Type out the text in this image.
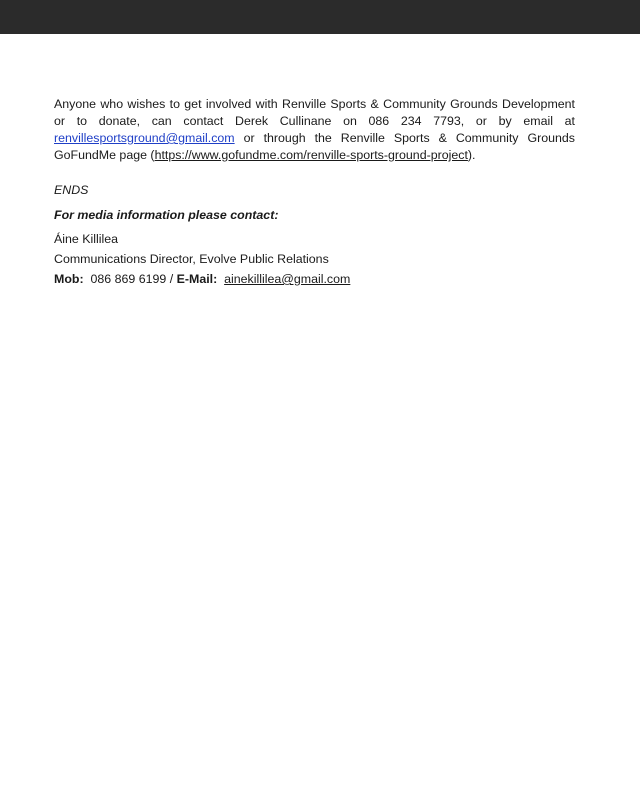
Anyone who wishes to get involved with Renville Sports & Community Grounds Development or to donate, can contact Derek Cullinane on 086 234 7793, or by email at renvillesportsground@gmail.com or through the Renville Sports & Community Grounds GoFundMe page (https://www.gofundme.com/renville-sports-ground-project).

ENDS

For media information please contact:

Áine Killilea

Communications Director, Evolve Public Relations

Mob: 086 869 6199 / E-Mail: ainekillilea@gmail.com
